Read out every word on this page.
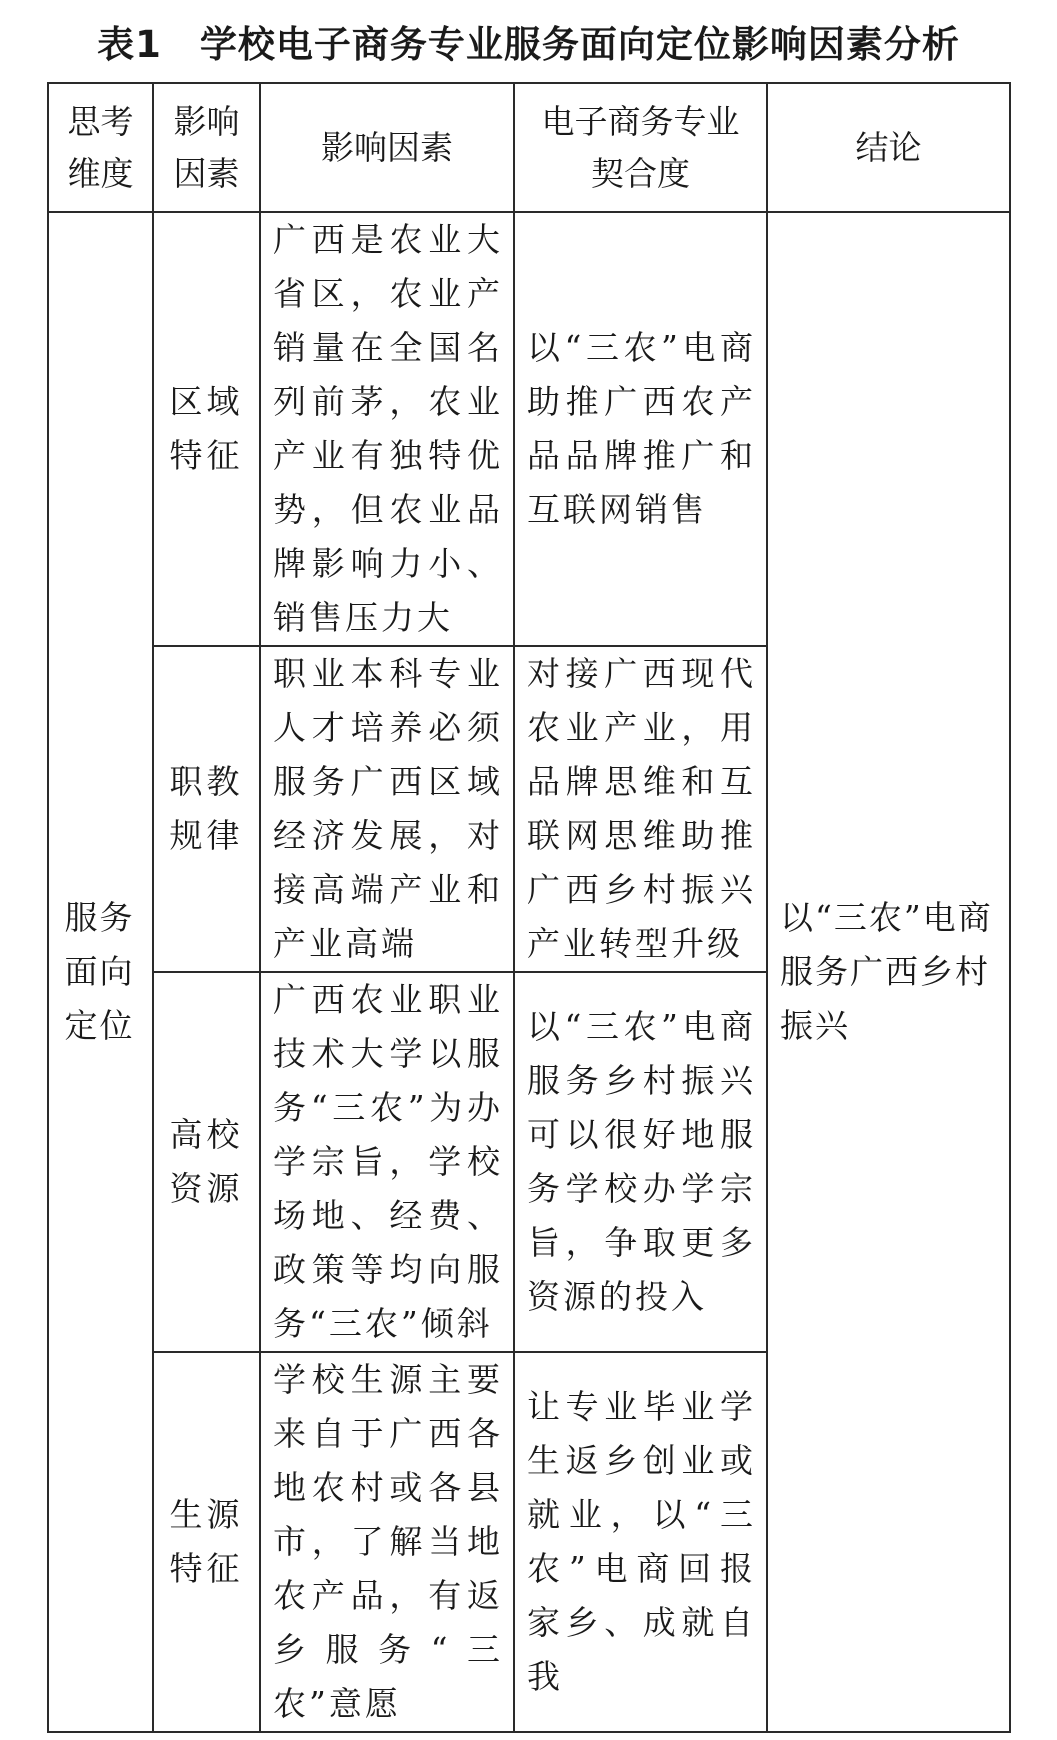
表1　学校电子商务专业服务面向定位影响因素分析
思考维度	影响因素	影响因素	电子商务专业契合度	结论

服务面向定位	区域特征	广西是农业大省区，农业产销量在全国名列前茅，农业产业有独特优势，但农业品牌影响力小、销售压力大	以“三农”电商助推广西农产品品牌推广和互联网销售	以“三农”电商服务广西乡村振兴

	职教规律	职业本科专业人才培养必须服务广西区域经济发展，对接高端产业和产业高端	对接广西现代农业产业，用品牌思维和互联网思维助推广西乡村振兴产业转型升级	

	高校资源	广西农业职业技术大学以服务“三农”为办学宗旨，学校场地、经费、政策等均向服务“三农”倾斜	以“三农”电商服务乡村振兴可以很好地服务学校办学宗旨，争取更多资源的投入	

	生源特征	学校生源主要来自于广西各地农村或各县市，了解当地农产品，有返乡服务“三农”意愿	让专业毕业学生返乡创业或就业，以“三农”电商回报家乡、成就自我	
